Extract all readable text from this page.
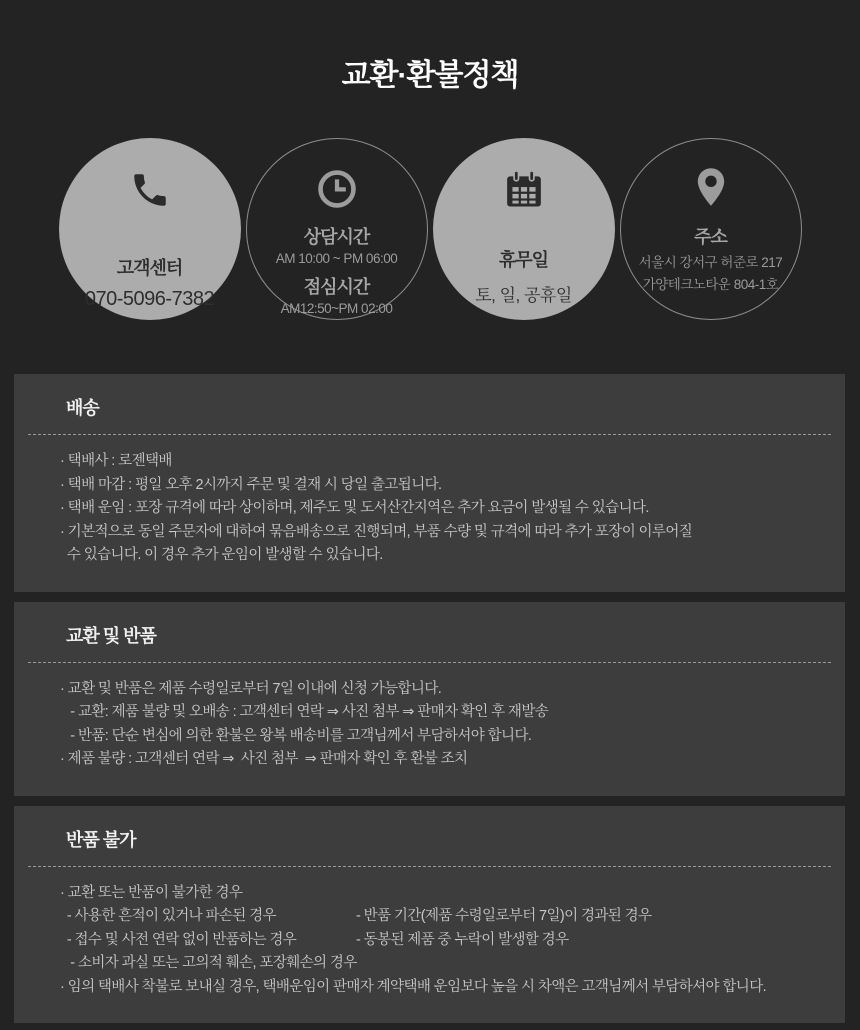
교환·환불정책
고객센터
070-5096-7382
상담시간
AM 10:00 ~ PM 06:00
점심시간
AM12:50~PM 02:00
휴무일
토, 일, 공휴일
주소
서울시 강서구 허준로 217
가양테크노타운 804-1호
배송
· 택배사 : 로젠택배
· 택배 마감 : 평일 오후 2시까지 주문 및 결재 시 당일 출고됩니다.
· 택배 운임 : 포장 규격에 따라 상이하며, 제주도 및 도서산간지역은 추가 요금이 발생될 수 있습니다.
· 기본적으로 동일 주문자에 대하여 묶음배송으로 진행되며, 부품 수량 및 규격에 따라 추가 포장이 이루어질
수 있습니다. 이 경우 추가 운임이 발생할 수 있습니다.
교환 및 반품
· 교환 및 반품은 제품 수령일로부터 7일 이내에 신청 가능합니다.
- 교환: 제품 불량 및 오배송 : 고객센터 연락 ⇒ 사진 첨부 ⇒ 판매자 확인 후 재발송
- 반품: 단순 변심에 의한 환불은 왕복 배송비를 고객님께서 부담하셔야 합니다.
· 제품 불량 : 고객센터 연락 ⇒  사진 첨부  ⇒ 판매자 확인 후 환불 조치
반품 불가
· 교환 또는 반품이 불가한 경우
- 사용한 흔적이 있거나 파손된 경우	- 반품 기간(제품 수령일로부터 7일)이 경과된 경우
- 접수 및 사전 연락 없이 반품하는 경우	- 동봉된 제품 중 누락이 발생할 경우
- 소비자 과실 또는 고의적 훼손, 포장훼손의 경우
· 임의 택배사 착불로 보내실 경우, 택배운임이 판매자 계약택배 운임보다 높을 시 차액은 고객님께서 부담하셔야 합니다.
